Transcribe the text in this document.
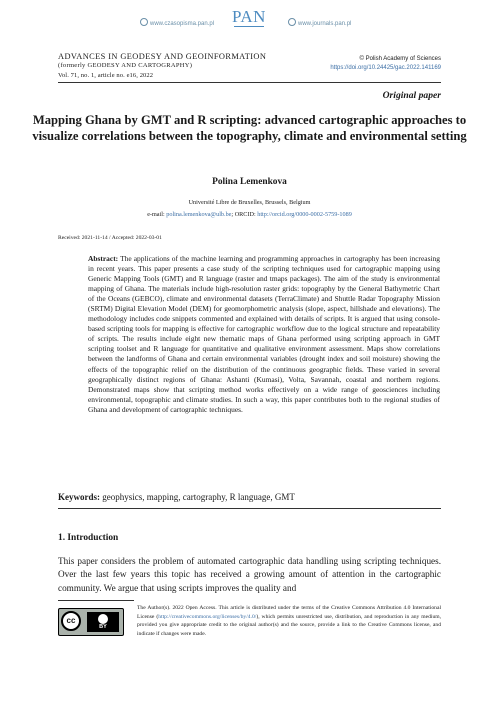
www.czasopisma.pan.pl PAN	www.journals.pan.pl
ADVANCES IN GEODESY AND GEOINFORMATION
(formerly GEODESY AND CARTOGRAPHY)
Vol. 71, no. 1, article no. e16, 2022
© Polish Academy of Sciences
https://doi.org/10.24425/gac.2022.141169
Original paper
Mapping Ghana by GMT and R scripting: advanced cartographic approaches to visualize correlations between the topography, climate and environmental setting
Polina Lemenkova
Université Libre de Bruxelles, Brussels, Belgium
e-mail: polina.lemenkova@ulb.be; ORCID: http://orcid.org/0000-0002-5759-1089
Received: 2021-11-14 / Accepted: 2022-03-01
Abstract: The applications of the machine learning and programming approaches in cartography has been increasing in recent years. This paper presents a case study of the scripting techniques used for cartographic mapping using Generic Mapping Tools (GMT) and R language (raster and tmaps packages). The aim of the study is environmental mapping of Ghana. The materials include high-resolution raster grids: topography by the General Bathymetric Chart of the Oceans (GEBCO), climate and environmental datasets (TerraClimate) and Shuttle Radar Topography Mission (SRTM) Digital Elevation Model (DEM) for geomorphometric analysis (slope, aspect, hillshade and elevations). The methodology includes code snippets commented and explained with details of scripts. It is argued that using console-based scripting tools for mapping is effective for cartographic workflow due to the logical structure and repeatability of scripts. The results include eight new thematic maps of Ghana performed using scripting approach in GMT scripting toolset and R language for quantitative and qualitative environment assessment. Maps show correlations between the landforms of Ghana and certain environmental variables (drought index and soil moisture) showing the effects of the topographic relief on the distribution of the continuous geographic fields. These varied in several geographically distinct regions of Ghana: Ashanti (Kumasi), Volta, Savannah, coastal and northern regions. Demonstrated maps show that scripting method works effectively on a wide range of geosciences including environmental, topographic and climate studies. In such a way, this paper contributes both to the regional studies of Ghana and development of cartographic techniques.
Keywords: geophysics, mapping, cartography, R language, GMT
1. Introduction
This paper considers the problem of automated cartographic data handling using scripting techniques. Over the last few years this topic has received a growing amount of attention in the cartographic community. We argue that using scripts improves the quality and
cc
BY
The Author(s). 2022 Open Access. This article is distributed under the terms of the Creative Commons Attribution 4.0 International License (http://creativecommons.org/licenses/by/4.0/), which permits unrestricted use, distribution, and reproduction in any medium, provided you give appropriate credit to the original author(s) and the source, provide a link to the Creative Commons license, and indicate if changes were made.
